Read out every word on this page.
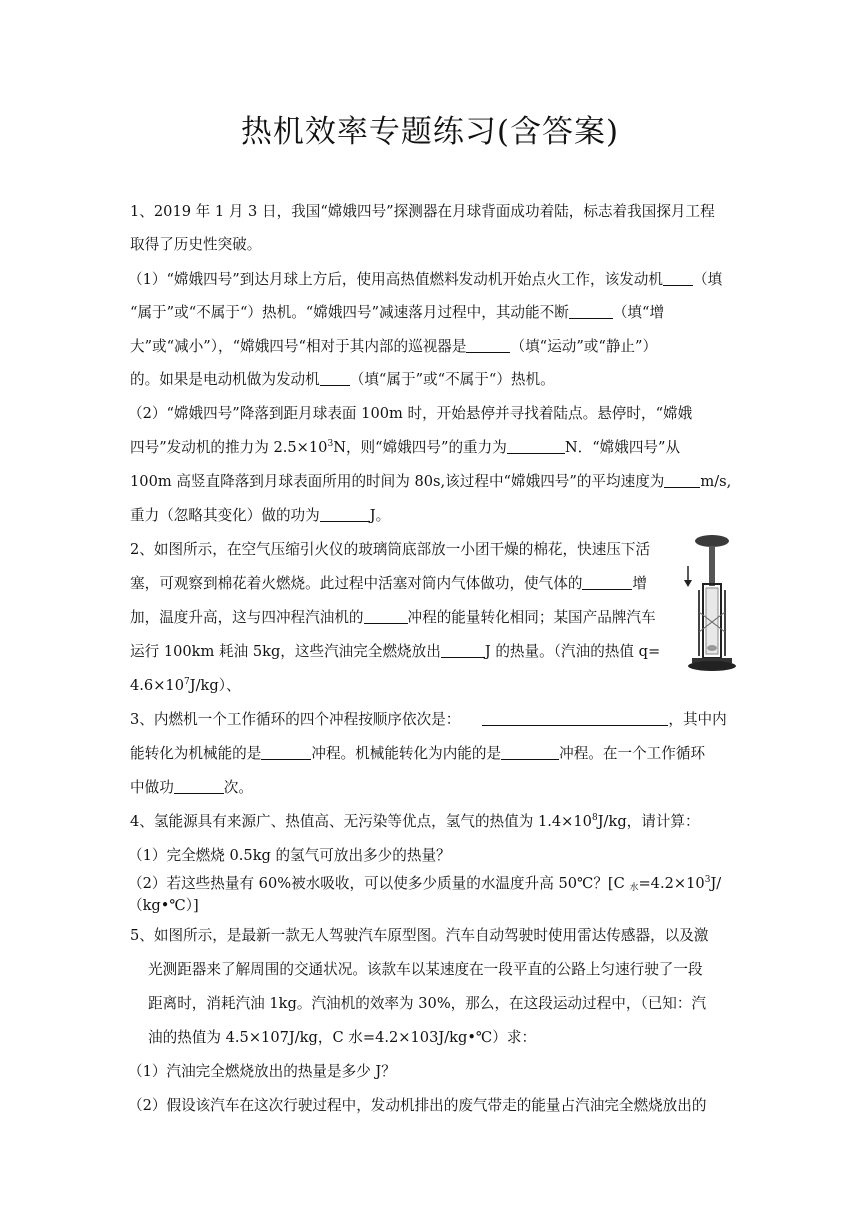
热机效率专题练习(含答案)
1、2019 年 1 月 3 日，我国“嫦娥四号”探测器在月球背面成功着陆，标志着我国探月工程
取得了历史性突破。
（1）“嫦娥四号”到达月球上方后，使用高热值燃料发动机开始点火工作，该发动机 （填
“属于”或“不属于“）热机。“嫦娥四号”减速落月过程中，其动能不断	（填“增
大”或“减小”），“嫦娥四号“相对于其内部的巡视器是	（填“运动”或“静止”）
的。如果是电动机做为发动机 （填“属于”或“不属于“）热机。
（2）“嫦娥四号”降落到距月球表面 100m 时，开始悬停并寻找着陆点。悬停时，“嫦娥
四号”发动机的推力为 $2.5\times 10^3N$，则“嫦娥四号”的重力为	N．“嫦娥四号”从
100m 高竖直降落到月球表面所用的时间为 80s,该过程中“嫦娥四号”的平均速度为 m/s,
重力（忽略其变化）做的功为	J。
2、如图所示，在空气压缩引火仪的玻璃筒底部放一小团干燥的棉花，快速压下活
塞，可观察到棉花着火燃烧。此过程中活塞对筒内气体做功，使气体的	增
加，温度升高，这与四冲程汽油机的	冲程的能量转化相同；某国产品牌汽车
运行 100km 耗油 5kg，这些汽油完全燃烧放出	J 的热量。（汽油的热值 q=
$4.6\times 10^7J/kg$）、
3、内燃机一个工作循环的四个冲程按顺序依次是：	，其中内
能转化为机械能的是	冲程。机械能转化为内能的是	冲程。在一个工作循环
中做功	次。
4、氢能源具有来源广、热值高、无污染等优点，氢气的热值为 $1.4\times 10^8J/kg$，请计算：
（1）完全燃烧 0.5kg 的氢气可放出多少的热量？
（2）若这些热量有 60%被水吸收，可以使多少质量的水温度升高 50℃？[C $_水=4.2\times 10^3J/$
（kg•℃）]
5、如图所示，是最新一款无人驾驶汽车原型图。汽车自动驾驶时使用雷达传感器，以及激
光测距器来了解周围的交通状况。该款车以某速度在一段平直的公路上匀速行驶了一段
距离时，消耗汽油 1kg。汽油机的效率为 30%，那么，在这段运动过程中，（已知：汽
油的热值为 4.5×107J/kg，C 水=4.2×103J/kg•℃）求：
（1）汽油完全燃烧放出的热量是多少 J？
（2）假设该汽车在这次行驶过程中，发动机排出的废气带走的能量占汽油完全燃烧放出的
